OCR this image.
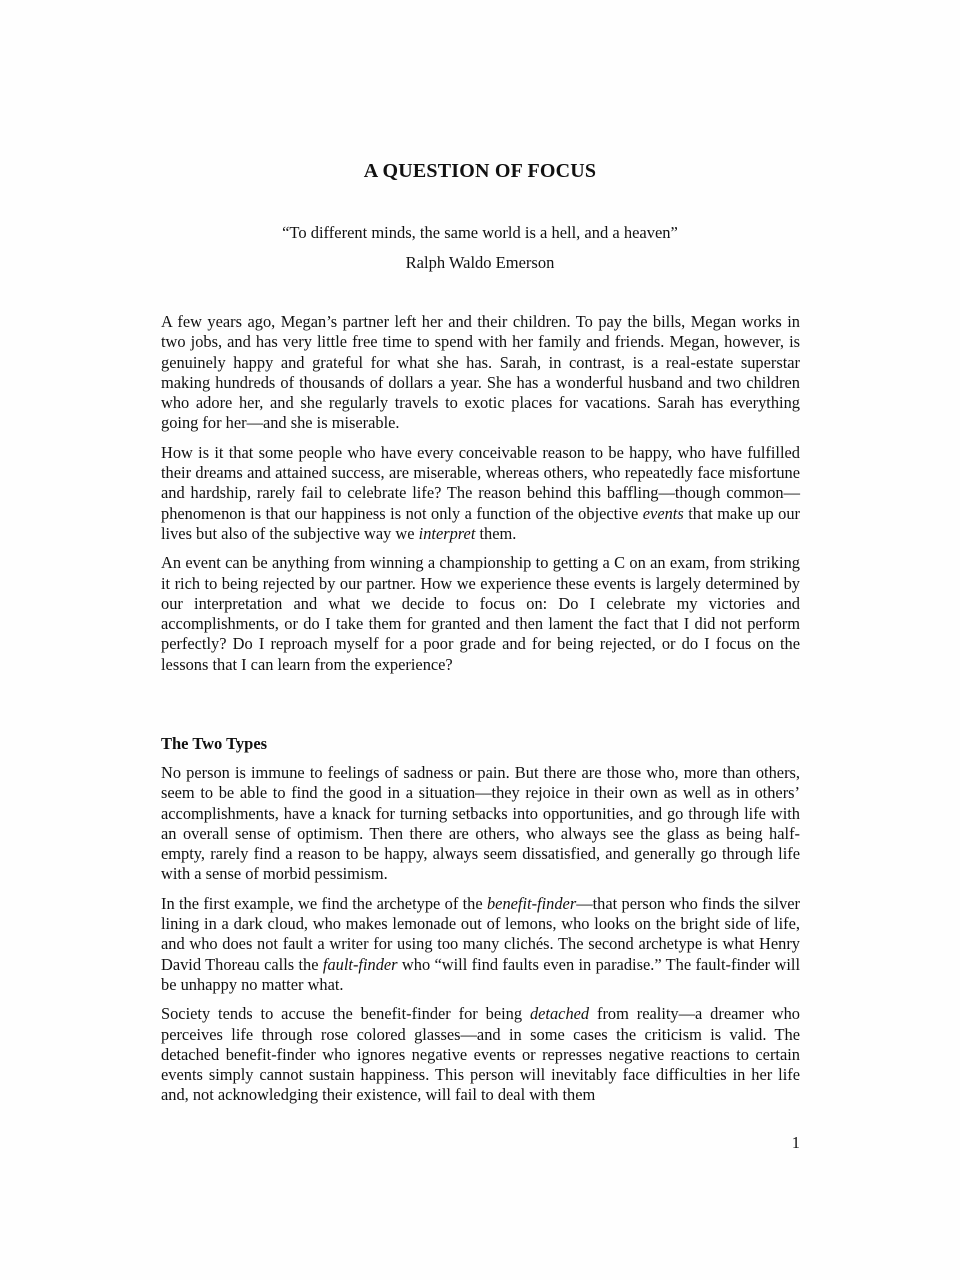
A QUESTION OF FOCUS
“To different minds, the same world is a hell, and a heaven”
Ralph Waldo Emerson

A few years ago, Megan’s partner left her and their children. To pay the bills, Megan works in two jobs, and has very little free time to spend with her family and friends. Megan, however, is genuinely happy and grateful for what she has. Sarah, in contrast, is a real-estate superstar making hundreds of thousands of dollars a year. She has a wonderful husband and two children who adore her, and she regularly travels to exotic places for vacations. Sarah has everything going for her—and she is miserable.

How is it that some people who have every conceivable reason to be happy, who have fulfilled their dreams and attained success, are miserable, whereas others, who repeatedly face misfortune and hardship, rarely fail to celebrate life? The reason behind this baffling—though common—phenomenon is that our happiness is not only a function of the objective events that make up our lives but also of the subjective way we interpret them.

An event can be anything from winning a championship to getting a C on an exam, from striking it rich to being rejected by our partner. How we experience these events is largely determined by our interpretation and what we decide to focus on: Do I celebrate my victories and accomplishments, or do I take them for granted and then lament the fact that I did not perform perfectly? Do I reproach myself for a poor grade and for being rejected, or do I focus on the lessons that I can learn from the experience?

The Two Types

No person is immune to feelings of sadness or pain. But there are those who, more than others, seem to be able to find the good in a situation—they rejoice in their own as well as in others’ accomplishments, have a knack for turning setbacks into opportunities, and go through life with an overall sense of optimism. Then there are others, who always see the glass as being half-empty, rarely find a reason to be happy, always seem dissatisfied, and generally go through life with a sense of morbid pessimism.

In the first example, we find the archetype of the benefit-finder—that person who finds the silver lining in a dark cloud, who makes lemonade out of lemons, who looks on the bright side of life, and who does not fault a writer for using too many clichés. The second archetype is what Henry David Thoreau calls the fault-finder who “will find faults even in paradise.” The fault-finder will be unhappy no matter what.

Society tends to accuse the benefit-finder for being detached from reality—a dreamer who perceives life through rose colored glasses—and in some cases the criticism is valid. The detached benefit-finder who ignores negative events or represses negative reactions to certain events simply cannot sustain happiness. This person will inevitably face difficulties in her life and, not acknowledging their existence, will fail to deal with them

1
